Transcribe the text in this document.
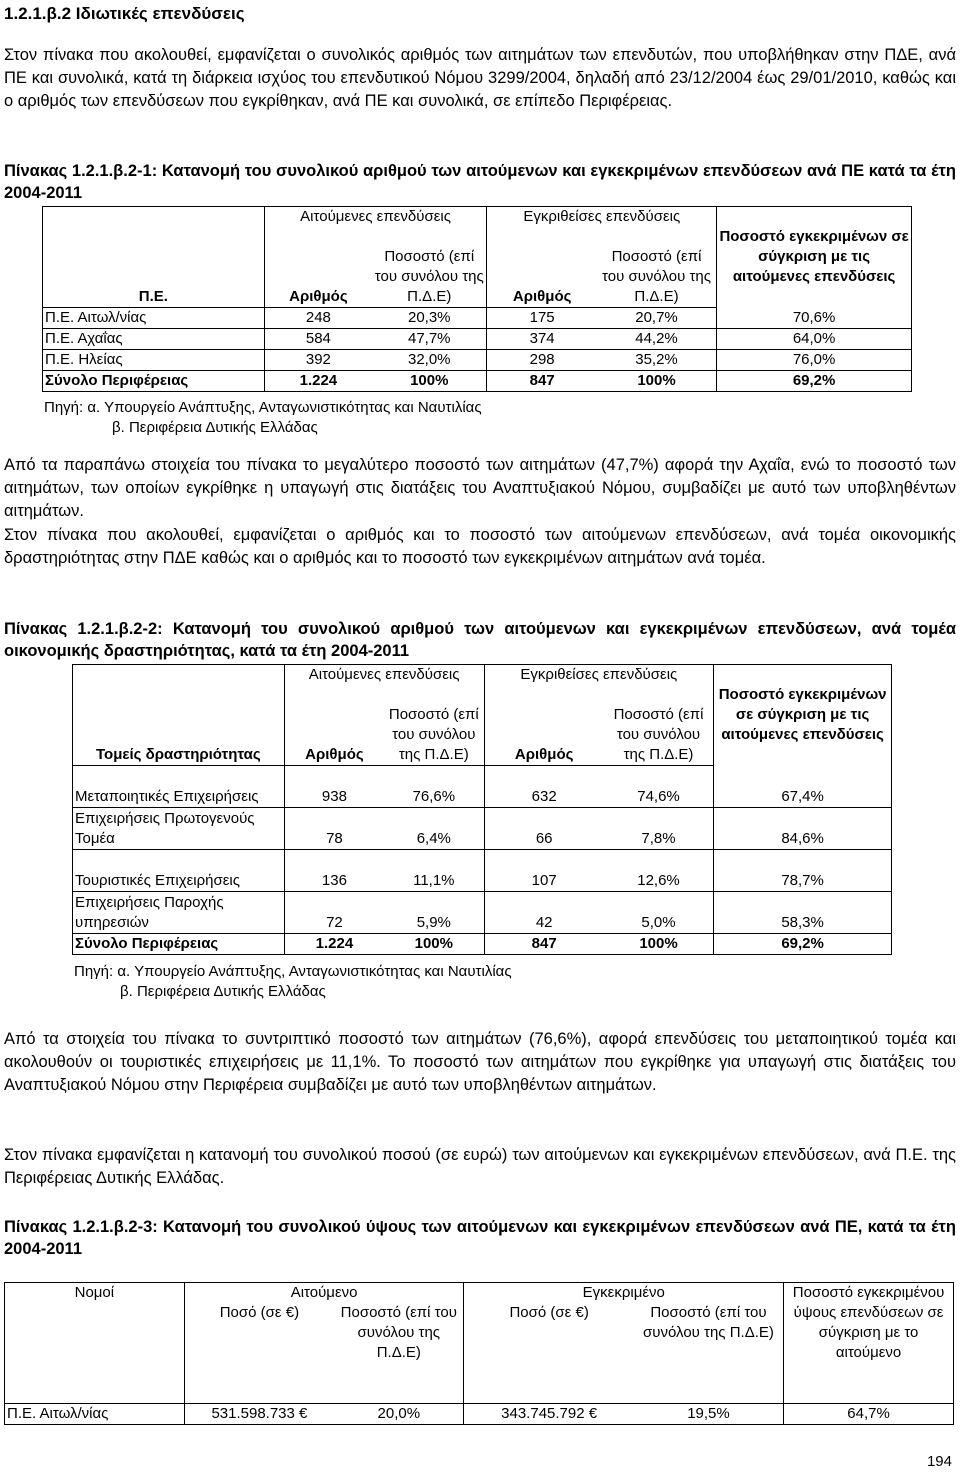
1.2.1.β.2 Ιδιωτικές επενδύσεις
Στον πίνακα που ακολουθεί, εμφανίζεται ο συνολικός αριθμός των αιτημάτων των επενδυτών, που υποβλήθηκαν στην ΠΔΕ, ανά ΠΕ και συνολικά, κατά τη διάρκεια ισχύος του επενδυτικού Νόμου 3299/2004, δηλαδή από 23/12/2004 έως 29/01/2010, καθώς και ο αριθμός των επενδύσεων που εγκρίθηκαν, ανά ΠΕ και συνολικά, σε επίπεδο Περιφέρειας.
Πίνακας 1.2.1.β.2-1: Κατανομή του συνολικού αριθμού των αιτούμενων και εγκεκριμένων επενδύσεων ανά ΠΕ κατά τα έτη 2004-2011
	Αιτούμενες επενδύσεις		Εγκριθείσες επενδύσεις		Ποσοστό εγκεκριμένων σε σύγκριση με τις αιτούμενες επενδύσεις
Π.Ε.	Αριθμός	Ποσοστό (επί του συνόλου της Π.Δ.Ε)	Αριθμός	Ποσοστό (επί του συνόλου της Π.Δ.Ε)	
Π.Ε. Αιτωλ/νίας	248	20,3%	175	20,7%	70,6%
Π.Ε. Αχαΐας	584	47,7%	374	44,2%	64,0%
Π.Ε. Ηλείας	392	32,0%	298	35,2%	76,0%
Σύνολο Περιφέρειας	1.224	100%	847	100%	69,2%
Πηγή: α. Υπουργείο Ανάπτυξης, Ανταγωνιστικότητας και Ναυτιλίας
β. Περιφέρεια Δυτικής Ελλάδας
Από τα παραπάνω στοιχεία του πίνακα το μεγαλύτερο ποσοστό των αιτημάτων (47,7%) αφορά την Αχαΐα, ενώ το ποσοστό των αιτημάτων, των οποίων εγκρίθηκε η υπαγωγή στις διατάξεις του Αναπτυξιακού Νόμου, συμβαδίζει με αυτό των υποβληθέντων αιτημάτων.
Στον πίνακα που ακολουθεί, εμφανίζεται ο αριθμός και το ποσοστό των αιτούμενων επενδύσεων, ανά τομέα οικονομικής δραστηριότητας στην ΠΔΕ καθώς και ο αριθμός και το ποσοστό των εγκεκριμένων αιτημάτων ανά τομέα.
Πίνακας 1.2.1.β.2-2: Κατανομή του συνολικού αριθμού των αιτούμενων και εγκεκριμένων επενδύσεων, ανά τομέα οικονομικής δραστηριότητας, κατά τα έτη 2004-2011
	Αιτούμενες επενδύσεις		Εγκριθείσες επενδύσεις		Ποσοστό εγκεκριμένων σε σύγκριση με τις αιτούμενες επενδύσεις
Τομείς δραστηριότητας	Αριθμός	Ποσοστό (επί του συνόλου της Π.Δ.Ε)	Αριθμός	Ποσοστό (επί του συνόλου της Π.Δ.Ε)	
Μεταποιητικές Επιχειρήσεις	938	76,6%	632	74,6%	67,4%
Επιχειρήσεις Πρωτογενούς Τομέα	78	6,4%	66	7,8%	84,6%
Τουριστικές Επιχειρήσεις	136	11,1%	107	12,6%	78,7%
Επιχειρήσεις Παροχής υπηρεσιών	72	5,9%	42	5,0%	58,3%
Σύνολο Περιφέρειας	1.224	100%	847	100%	69,2%
Πηγή: α. Υπουργείο Ανάπτυξης, Ανταγωνιστικότητας και Ναυτιλίας
β. Περιφέρεια Δυτικής Ελλάδας
Από τα στοιχεία του πίνακα το συντριπτικό ποσοστό των αιτημάτων (76,6%), αφορά επενδύσεις του μεταποιητικού τομέα και ακολουθούν οι τουριστικές επιχειρήσεις με 11,1%. Το ποσοστό των αιτημάτων που εγκρίθηκε για υπαγωγή στις διατάξεις του Αναπτυξιακού Νόμου στην Περιφέρεια συμβαδίζει με αυτό των υποβληθέντων αιτημάτων.
Στον πίνακα εμφανίζεται η κατανομή του συνολικού ποσού (σε ευρώ) των αιτούμενων και εγκεκριμένων επενδύσεων, ανά Π.Ε. της Περιφέρειας Δυτικής Ελλάδας.
Πίνακας 1.2.1.β.2-3: Κατανομή του συνολικού ύψους των αιτούμενων και εγκεκριμένων επενδύσεων ανά ΠΕ, κατά τα έτη 2004-2011
Νομοί	Αιτούμενο		Εγκεκριμένο		Ποσοστό εγκεκριμένου ύψους επενδύσεων σε σύγκριση με το αιτούμενο
	Ποσό (σε €)	Ποσοστό (επί του συνόλου της Π.Δ.Ε)	Ποσό (σε €)	Ποσοστό (επί του συνόλου της Π.Δ.Ε)	
Π.Ε. Αιτωλ/νίας	531.598.733 €	20,0%	343.745.792 €	19,5%	64,7%
194
